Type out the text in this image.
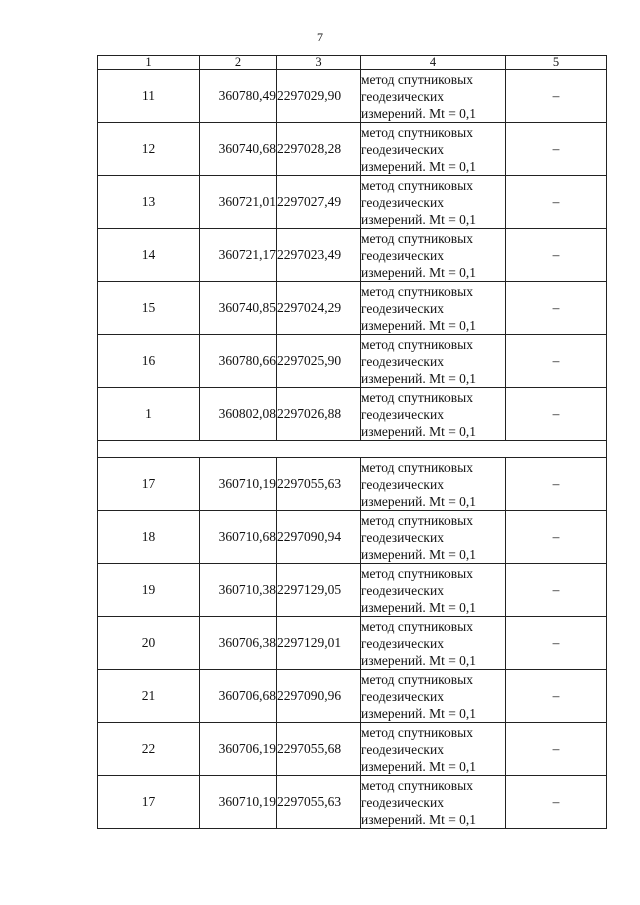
7
1	2	3	4	5
11	360780,49	2297029,90	метод спутниковых
геодезических
измерений. Mt = 0,1	–
12	360740,68	2297028,28	метод спутниковых
геодезических
измерений. Mt = 0,1	–
13	360721,01	2297027,49	метод спутниковых
геодезических
измерений. Mt = 0,1	–
14	360721,17	2297023,49	метод спутниковых
геодезических
измерений. Mt = 0,1	–
15	360740,85	2297024,29	метод спутниковых
геодезических
измерений. Mt = 0,1	–
16	360780,66	2297025,90	метод спутниковых
геодезических
измерений. Mt = 0,1	–
1	360802,08	2297026,88	метод спутниковых
геодезических
измерений. Mt = 0,1	–

17	360710,19	2297055,63	метод спутниковых
геодезических
измерений. Mt = 0,1	–
18	360710,68	2297090,94	метод спутниковых
геодезических
измерений. Mt = 0,1	–
19	360710,38	2297129,05	метод спутниковых
геодезических
измерений. Mt = 0,1	–
20	360706,38	2297129,01	метод спутниковых
геодезических
измерений. Mt = 0,1	–
21	360706,68	2297090,96	метод спутниковых
геодезических
измерений. Mt = 0,1	–
22	360706,19	2297055,68	метод спутниковых
геодезических
измерений. Mt = 0,1	–
17	360710,19	2297055,63	метод спутниковых
геодезических
измерений. Mt = 0,1	–
